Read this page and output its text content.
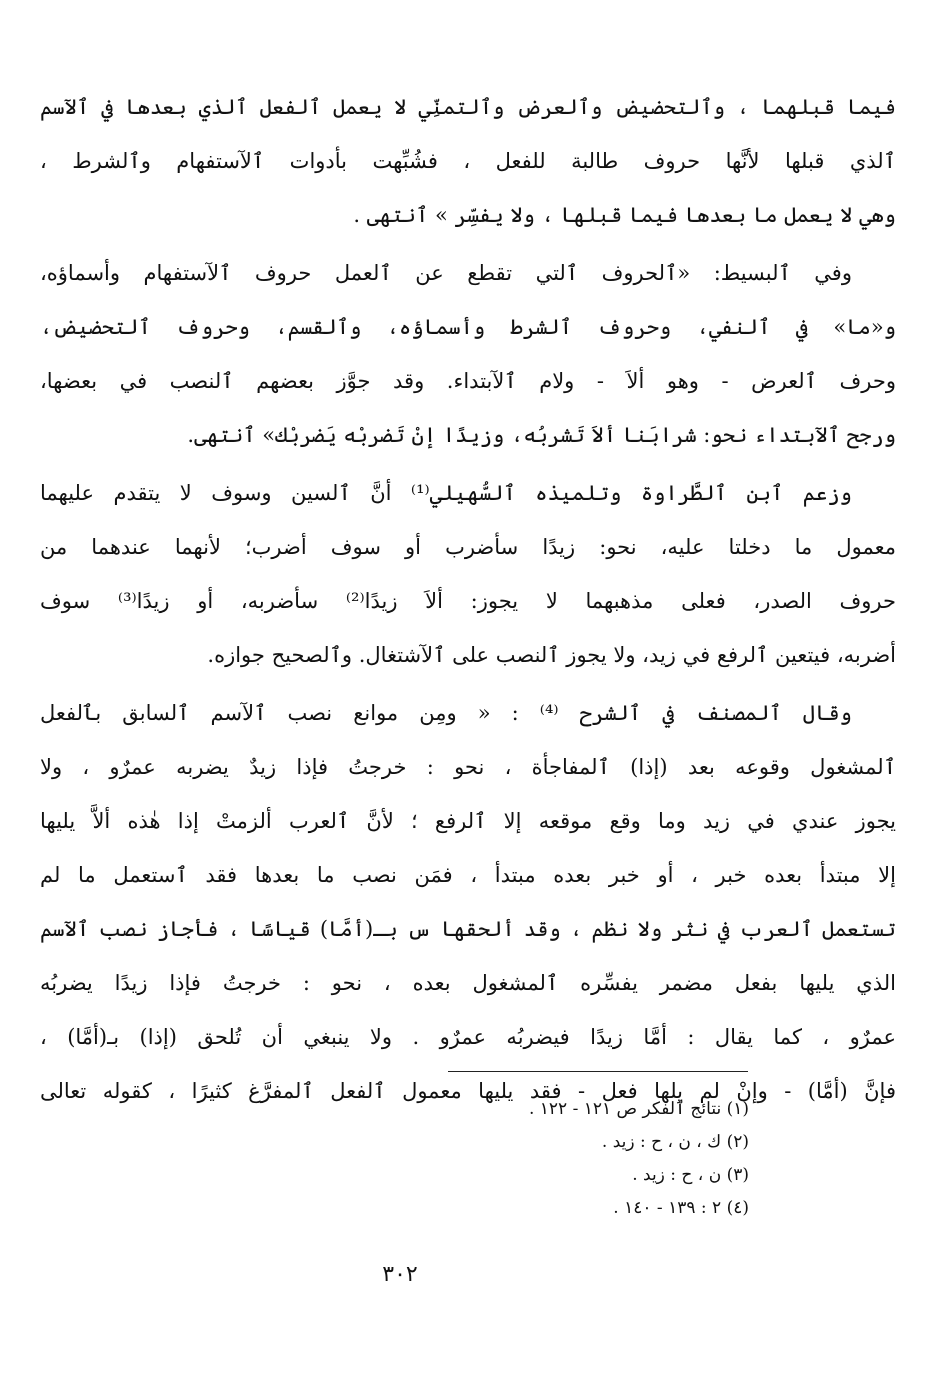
فيما قبلهما ، وٱلتحضيض وٱلعرض وٱلتمنِّي لا يعمل ٱلفعل ٱلذي بعدها في ٱلآسم
ٱلذي قبلها لأنَّها حروف طالبة للفعل ، فشُبِّهت بأدوات ٱلآستفهام وٱلشرط ،
وهي لا يعمل ما بعدها فيما قبلها ، ولا يفسِّر » ٱنتهى .
وفي ٱلبسيط: «ٱلحروف ٱلتي تقطع عن ٱلعمل حروف ٱلآستفهام وأسماؤه،
و«ما» في ٱلنفي، وحروف ٱلشرط وأسماؤه، وٱلقسم، وحروف ٱلتحضيض،
وحرف ٱلعرض - وهو ألاَ - ولام ٱلآبتداء. وقد جوَّز بعضهم ٱلنصب في بعضها،
ورجح ٱلآبتداء نحو: شرابَنا ألاَ تَشربُه، وزيدًا إنْ تَضربْه يَضربْك» ٱنتهى.
وزعم ٱبن ٱلطَّراوة وتلميذه ٱلسُّهيلي⁽¹⁾ أنَّ ٱلسين وسوف لا يتقدم عليهما
معمول ما دخلتا عليه، نحو: زيدًا سأضرب أو سوف أضرب؛ لأنهما عندهما من
حروف الصدر، فعلى مذهبهما لا يجوز: ألاَ زيدًا⁽²⁾ سأضربه، أو زيدًا⁽³⁾ سوف
أضربه، فيتعين ٱلرفع في زيد، ولا يجوز ٱلنصب على ٱلآشتغال. وٱلصحيح جوازه.
وقال ٱلمصنف في ٱلشرح ⁽⁴⁾ : « ومِن موانع نصب ٱلآسم ٱلسابق بٱلفعل
ٱلمشغول وقوعه بعد (إذا) ٱلمفاجأة ، نحو : خرجتُ فإذا زيدٌ يضربه عمرٌو ، ولا
يجوز عندي في زيد وما وقع موقعه إلا ٱلرفع ؛ لأنَّ ٱلعرب ألزمتْ إذا هٰذه ألاَّ يليها
إلا مبتدأ بعده خبر ، أو خبر بعده مبتدأ ، فمَن نصب ما بعدها فقد ٱستعمل ما لم
تستعمل ٱلعرب في نثر ولا نظم ، وقد ألحقها س بـ(أمَّا) قياسًا ، فأجاز نصب ٱلآسم
الذي يليها بفعل مضمر يفسِّره ٱلمشغول بعده ، نحو : خرجتُ فإذا زيدًا يضربُه
عمرٌو ، كما يقال : أمَّا زيدًا فيضربُه عمرٌو . ولا ينبغي أن تُلحق (إذا) بـ(أمَّا) ،
فإنَّ (أمَّا) - وإنْ لم يلها فعل - فقد يليها معمول ٱلفعل ٱلمفرَّغ كثيرًا ، كقوله تعالى
(١) نتائج ٱلفكر ص ١٢١ - ١٢٢ .
(٢) ك ، ن ، ح : زيد .
(٣) ن ، ح : زيد .
(٤) ٢ : ١٣٩ - ١٤٠ .
٣٠٢
